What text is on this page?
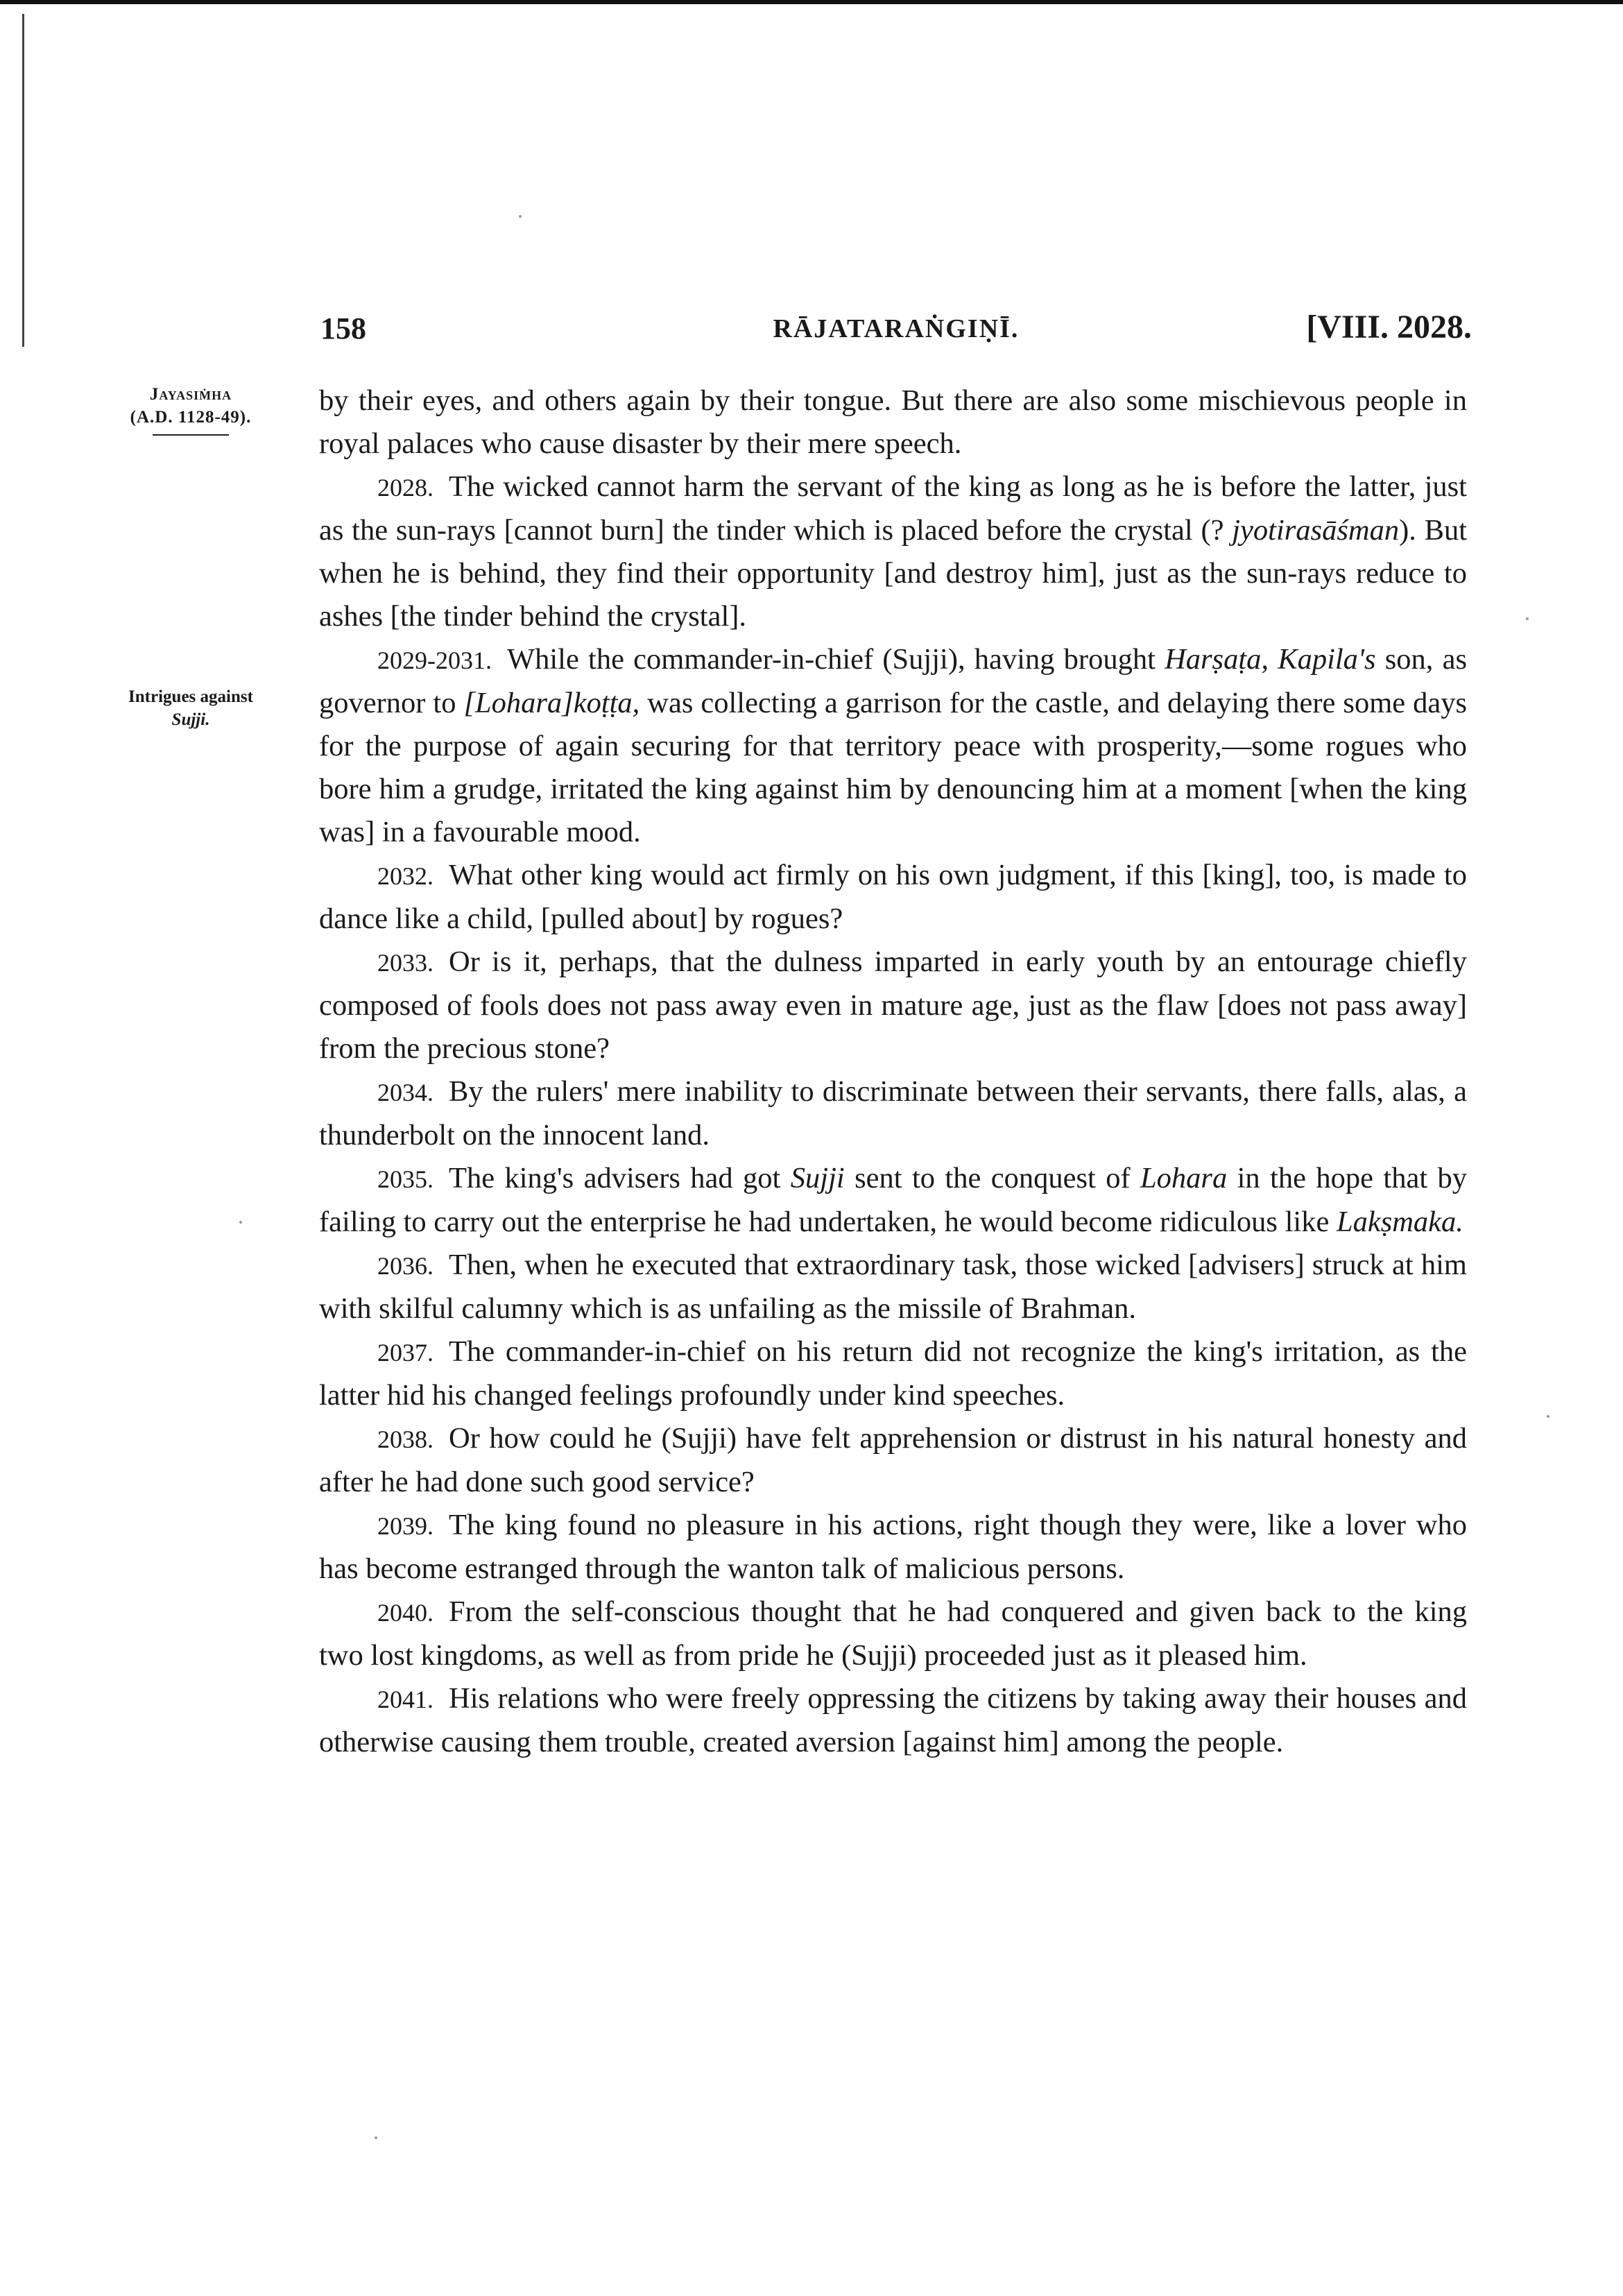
158	RĀJATARAṄGIṆĪ.	[VIII. 2028.
Jayasiṁha
(A.D. 1128-49).
Intrigues against
Sujji.

by their eyes, and others again by their tongue. But there are also some mischievous people in royal palaces who cause disaster by their mere speech.

2028. The wicked cannot harm the servant of the king as long as he is before the latter, just as the sun-rays [cannot burn] the tinder which is placed before the crystal (? jyotirasāśman). But when he is behind, they find their opportunity [and destroy him], just as the sun-rays reduce to ashes [the tinder behind the crystal].

2029-2031. While the commander-in-chief (Sujji), having brought Harṣaṭa, Kapila's son, as governor to [Lohara]koṭṭa, was collecting a garrison for the castle, and delaying there some days for the purpose of again securing for that territory peace with prosperity,—some rogues who bore him a grudge, irritated the king against him by denouncing him at a moment [when the king was] in a favourable mood.

2032. What other king would act firmly on his own judgment, if this [king], too, is made to dance like a child, [pulled about] by rogues?

2033. Or is it, perhaps, that the dulness imparted in early youth by an entourage chiefly composed of fools does not pass away even in mature age, just as the flaw [does not pass away] from the precious stone?

2034. By the rulers' mere inability to discriminate between their servants, there falls, alas, a thunderbolt on the innocent land.

2035. The king's advisers had got Sujji sent to the conquest of Lohara in the hope that by failing to carry out the enterprise he had undertaken, he would become ridiculous like Lakṣmaka.

2036. Then, when he executed that extraordinary task, those wicked [advisers] struck at him with skilful calumny which is as unfailing as the missile of Brahman.

2037. The commander-in-chief on his return did not recognize the king's irritation, as the latter hid his changed feelings profoundly under kind speeches.

2038. Or how could he (Sujji) have felt apprehension or distrust in his natural honesty and after he had done such good service?

2039. The king found no pleasure in his actions, right though they were, like a lover who has become estranged through the wanton talk of malicious persons.

2040. From the self-conscious thought that he had conquered and given back to the king two lost kingdoms, as well as from pride he (Sujji) proceeded just as it pleased him.

2041. His relations who were freely oppressing the citizens by taking away their houses and otherwise causing them trouble, created aversion [against him] among the people.
